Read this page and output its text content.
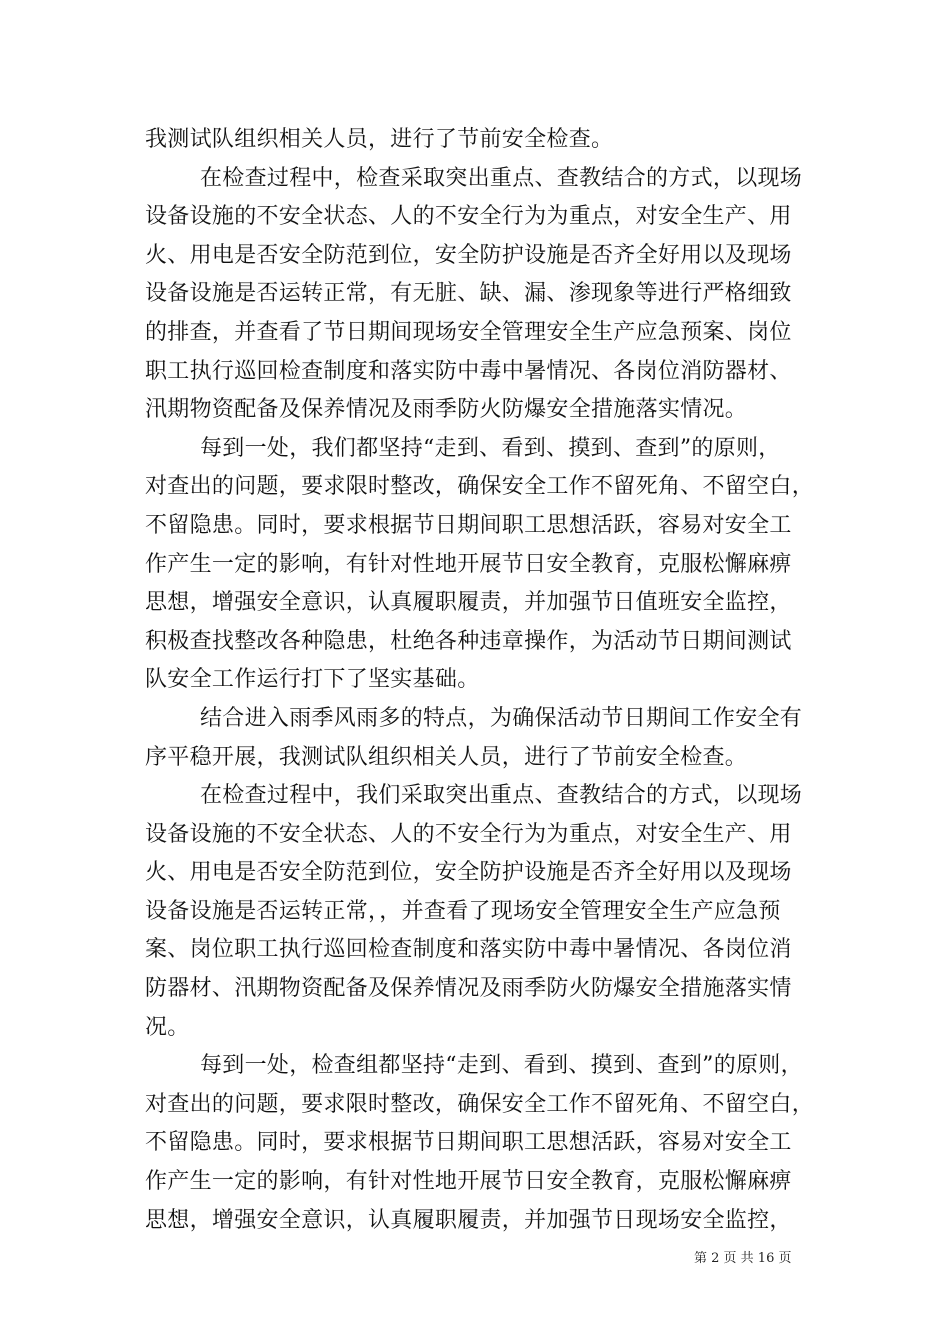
我测试队组织相关人员，进行了节前安全检查。
在检查过程中，检查采取突出重点、查教结合的方式，以现场
设备设施的不安全状态、人的不安全行为为重点，对安全生产、用
火、用电是否安全防范到位，安全防护设施是否齐全好用以及现场
设备设施是否运转正常，有无脏、缺、漏、渗现象等进行严格细致
的排查，并查看了节日期间现场安全管理安全生产应急预案、岗位
职工执行巡回检查制度和落实防中毒中暑情况、各岗位消防器材、
汛期物资配备及保养情况及雨季防火防爆安全措施落实情况。
每到一处，我们都坚持“走到、看到、摸到、查到”的原则，
对查出的问题，要求限时整改，确保安全工作不留死角、不留空白，
不留隐患。同时，要求根据节日期间职工思想活跃，容易对安全工
作产生一定的影响，有针对性地开展节日安全教育，克服松懈麻痹
思想，增强安全意识，认真履职履责，并加强节日值班安全监控，
积极查找整改各种隐患，杜绝各种违章操作，为活动节日期间测试
队安全工作运行打下了坚实基础。
结合进入雨季风雨多的特点，为确保活动节日期间工作安全有
序平稳开展，我测试队组织相关人员，进行了节前安全检查。
在检查过程中，我们采取突出重点、查教结合的方式，以现场
设备设施的不安全状态、人的不安全行为为重点，对安全生产、用
火、用电是否安全防范到位，安全防护设施是否齐全好用以及现场
设备设施是否运转正常，，并查看了现场安全管理安全生产应急预
案、岗位职工执行巡回检查制度和落实防中毒中暑情况、各岗位消
防器材、汛期物资配备及保养情况及雨季防火防爆安全措施落实情
况。
每到一处，检查组都坚持“走到、看到、摸到、查到”的原则，
对查出的问题，要求限时整改，确保安全工作不留死角、不留空白，
不留隐患。同时，要求根据节日期间职工思想活跃，容易对安全工
作产生一定的影响，有针对性地开展节日安全教育，克服松懈麻痹
思想，增强安全意识，认真履职履责，并加强节日现场安全监控，
第 2 页 共 16 页
